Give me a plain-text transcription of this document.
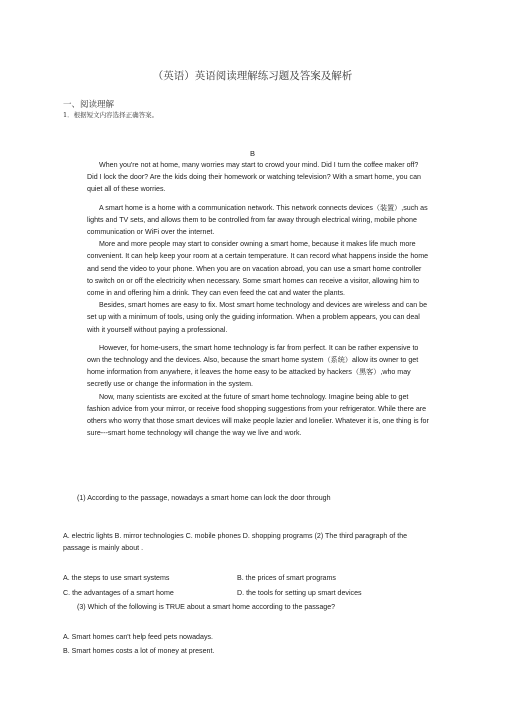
（英语）英语阅读理解练习题及答案及解析
一、阅读理解
1．根据短文内容选择正确答案。
B

When you're not at home, many worries may start to crowd your mind. Did I turn the coffee maker off? Did I lock the door? Are the kids doing their homework or watching television? With a smart home, you can quiet all of these worries.

A smart home is a home with a communication network. This network connects devices（装置）,such as lights and TV sets, and allows them to be controlled from far away through electrical wiring, mobile phone communication or WiFi over the internet.

More and more people may start to consider owning a smart home, because it makes life much more convenient. It can help keep your room at a certain temperature. It can record what happens inside the home and send the video to your phone. When you are on vacation abroad, you can use a smart home controller to switch on or off the electricity when necessary. Some smart homes can receive a visitor, allowing him to come in and offering him a drink. They can even feed the cat and water the plants.

Besides, smart homes are easy to fix. Most smart home technology and devices are wireless and can be set up with a minimum of tools, using only the guiding information. When a problem appears, you can deal with it yourself without paying a professional.

However, for home-users, the smart home technology is far from perfect. It can be rather expensive to own the technology and the devices. Also, because the smart home system（系统）allow its owner to get home information from anywhere, it leaves the home easy to be attacked by hackers（黑客）,who may secretly use or change the information in the system.

Now, many scientists are excited at the future of smart home technology. Imagine being able to get fashion advice from your mirror, or receive food shopping suggestions from your refrigerator. While there are others who worry that those smart devices will make people lazier and lonelier. Whatever it is, one thing is for sure---smart home technology will change the way we live and work.

(1) According to the passage, nowadays a smart home can lock the door through
A. electric lights B. mirror technologies C. mobile phones D. shopping programs (2) The third paragraph of the passage is mainly about .
A. the steps to use smart systems	B. the prices of smart programs
C. the advantages of a smart home	D. the tools for setting up smart devices
(3) Which of the following is TRUE about a smart home according to the passage?
A. Smart homes can't help feed pets nowadays.
B. Smart homes costs a lot of money at present.
